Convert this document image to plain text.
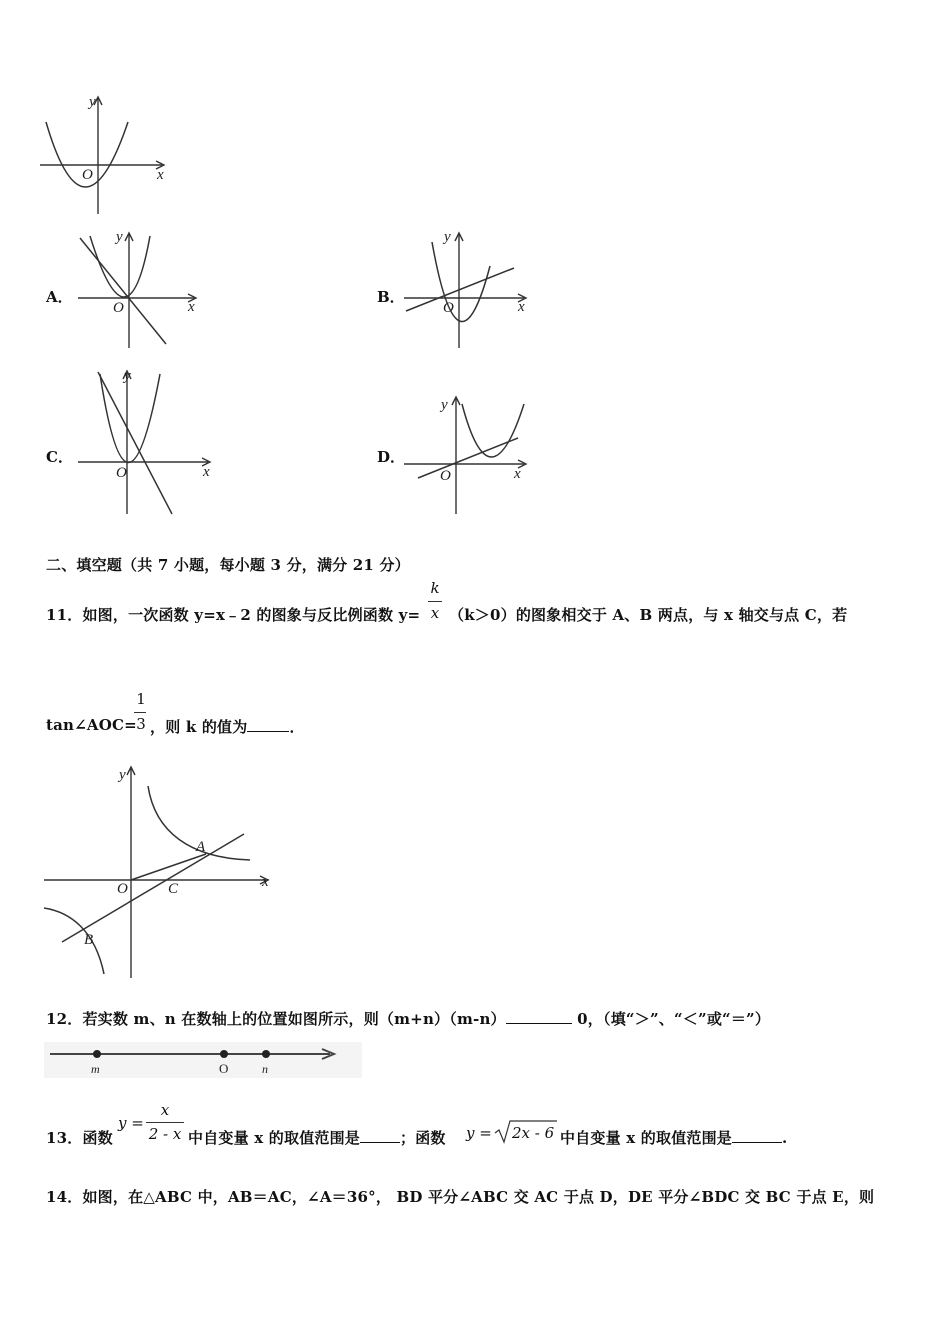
y
x
O
A．
y
x
O
B．
y
x
O
C．
y
x
O
D．
y
x
O
二、填空题（共 7 小题，每小题 3 分，满分 21 分）
11．如图，一次函数 y=x﹣2 的图象与反比例函数 y=
k
x （k＞0）的图象相交于 A、B 两点，与 x 轴交与点 C，若
tan∠AOC=
1
3 ，则 k 的值为	．
y
x
O
A
B
C
12．若实数 m、n 在数轴上的位置如图所示，则（m+n）（m-n）	0，（填“＞”、“＜”或“＝”）
m	O	n
13．函数
y =
x
2 - x 中自变量 x 的取值范围是	；函数 y = 2x - 6 中自变量 x 的取值范围是	.
14．如图，在△ABC 中，AB＝AC，∠A＝36°， BD 平分∠ABC 交 AC 于点 D，DE 平分∠BDC 交 BC 于点 E，则
